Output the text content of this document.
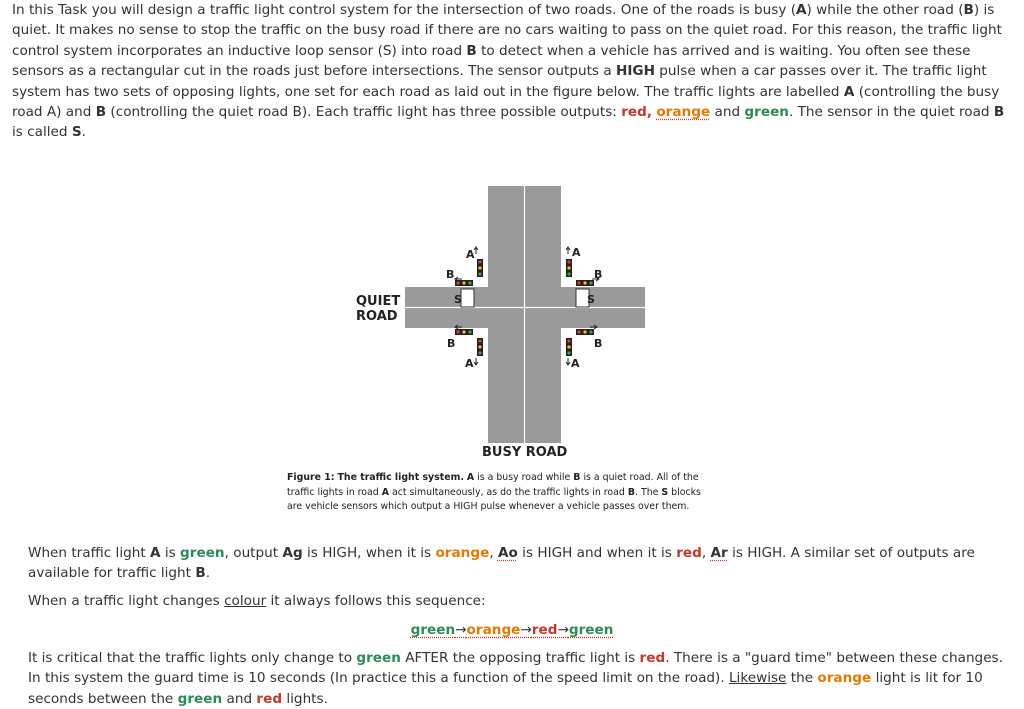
In this Task you will design a traffic light control system for the intersection of two roads. One of the roads is busy (A) while the other road (B) is quiet. It makes no sense to stop the traffic on the busy road if there are no cars waiting to pass on the quiet road. For this reason, the traffic light control system incorporates an inductive loop sensor (S) into road B to detect when a vehicle has arrived and is waiting. You often see these sensors as a rectangular cut in the roads just before intersections. The sensor outputs a HIGH pulse when a car passes over it. The traffic light system has two sets of opposing lights, one set for each road as laid out in the figure below. The traffic lights are labelled A (controlling the busy road A) and B (controlling the quiet road B). Each traffic light has three possible outputs: red, orange and green. The sensor in the quiet road B is called S.

S	S
A
B
A
B
B
A
B
A
QUIET
ROAD
BUSY ROAD
Figure 1: The traffic light system. A is a busy road while B is a quiet road. All of the traffic lights in road A act simultaneously, as do the traffic lights in road B. The S blocks are vehicle sensors which output a HIGH pulse whenever a vehicle passes over them.

When traffic light A is green, output Ag is HIGH, when it is orange, Ao is HIGH and when it is red, Ar is HIGH. A similar set of outputs are available for traffic light B.

When a traffic light changes colour it always follows this sequence:

green→orange→red→green

It is critical that the traffic lights only change to green AFTER the opposing traffic light is red. There is a "guard time" between these changes. In this system the guard time is 10 seconds (In practice this a function of the speed limit on the road). Likewise the orange light is lit for 10 seconds between the green and red lights.
